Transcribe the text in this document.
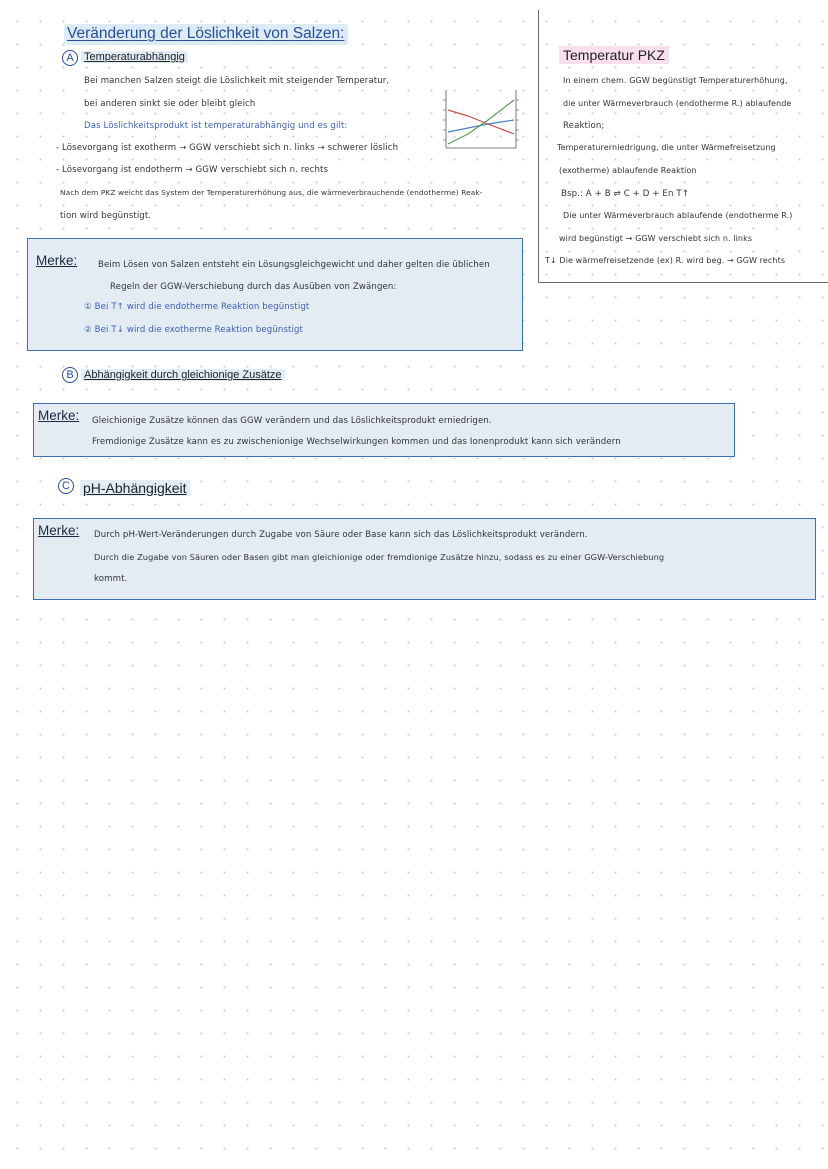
Veränderung der Löslichkeit von Salzen:
A Temperaturabhängig
Bei manchen Salzen steigt die Löslichkeit mit steigender Temperatur,
bei anderen sinkt sie oder bleibt gleich
Das Löslichkeitsprodukt ist temperaturabhängig und es gilt:
- Lösevorgang ist exotherm → GGW verschiebt sich n. links → schwerer löslich
- Lösevorgang ist endotherm → GGW verschiebt sich n. rechts
Nach dem PKZ weicht das System der Temperaturerhöhung aus, die wärmeverbrauchende (endotherme) Reak-
tion wird begünstigt.
Merke: Beim Lösen von Salzen entsteht ein Lösungsgleichgewicht und daher gelten die üblichen
Regeln der GGW-Verschiebung durch das Ausüben von Zwängen:
① Bei T↑ wird die endotherme Reaktion begünstigt
② Bei T↓ wird die exotherme Reaktion begünstigt
B Abhängigkeit durch gleichionige Zusätze
Merke: Gleichionige Zusätze können das GGW verändern und das Löslichkeitsprodukt erniedrigen.
Fremdionige Zusätze kann es zu zwischenionige Wechselwirkungen kommen und das Ionenprodukt kann sich verändern
C pH-Abhängigkeit
Merke: Durch pH-Wert-Veränderungen durch Zugabe von Säure oder Base kann sich das Löslichkeitsprodukt verändern.
Durch die Zugabe von Säuren oder Basen gibt man gleichionige oder fremdionige Zusätze hinzu, sodass es zu einer GGW-Verschiebung
kommt.
Temperatur PKZ
In einem chem. GGW begünstigt Temperaturerhöhung,
die unter Wärmeverbrauch (endotherme R.) ablaufende
Reaktion;
Temperaturerniedrigung, die unter Wärmefreisetzung
(exotherme) ablaufende Reaktion
Bsp.: A + B ⇌ C + D + En T↑
Die unter Wärmeverbrauch ablaufende (endotherme R.)
wird begünstigt → GGW verschiebt sich n. links
T↓ Die wärmefreisetzende (ex) R. wird beg. → GGW rechts
